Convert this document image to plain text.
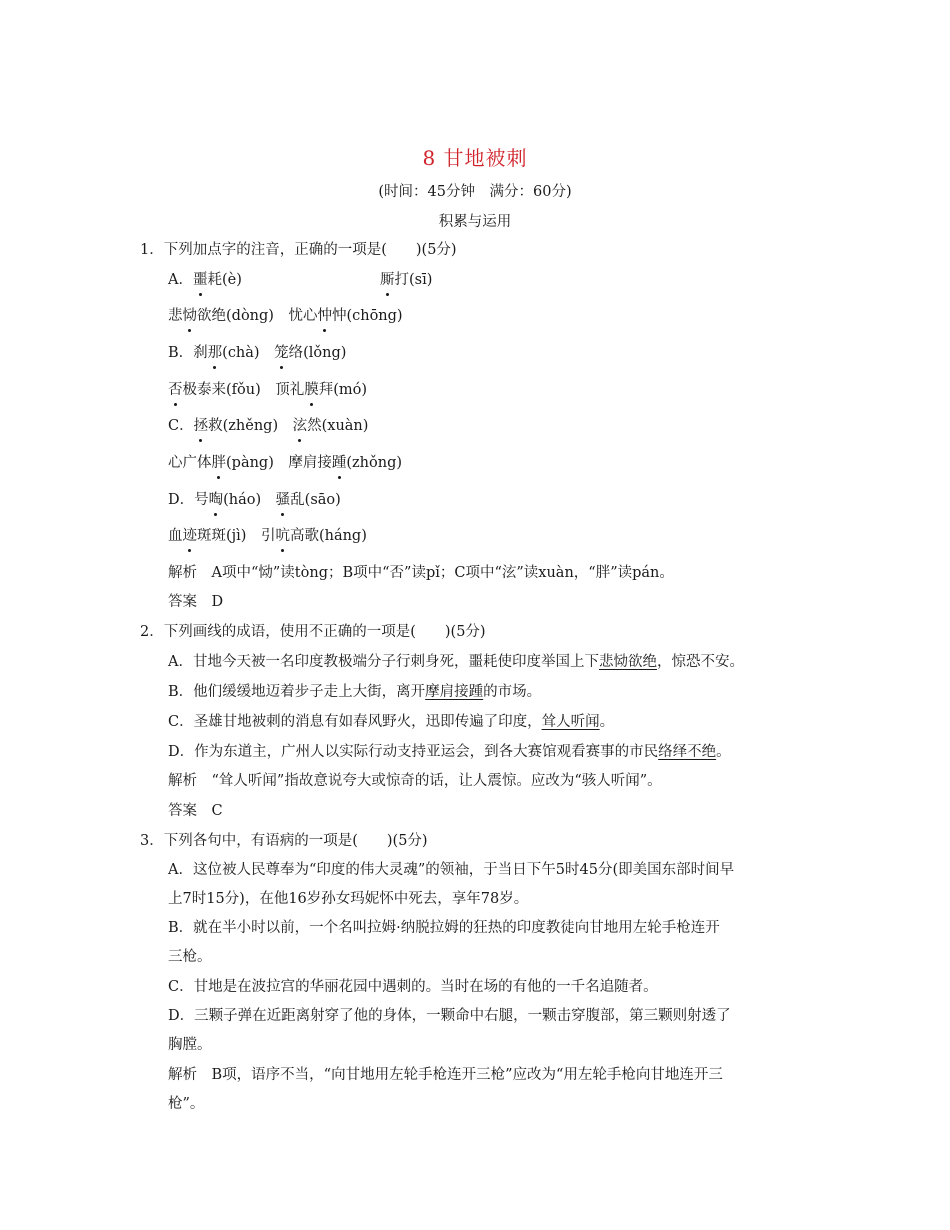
8 甘地被刺
(时间：45分钟　满分：60分)
积累与运用
1．下列加点字的注音，正确的一项是(　　)(5分)
A．噩耗(è)	厮打(sī)
悲恸欲绝(dòng)　 忧心忡忡(chōng)
B．刹那(chà)　 笼络(lǒng)
否极泰来(fǒu)　 顶礼膜拜(mó)
C．拯救(zhěng)　 泫然(xuàn)
心广体胖(pàng)　 摩肩接踵(zhǒng)
D．号啕(háo)　 骚乱(sāo)
血迹斑斑(jì)　 引吭高歌(háng)
解析　A项中“恸”读tòng；B项中“否”读pǐ；C项中“泫”读xuàn，“胖”读pán。
答案　D
2．下列画线的成语，使用不正确的一项是(　　)(5分)
A．甘地今天被一名印度教极端分子行刺身死，噩耗使印度举国上下悲恸欲绝，惊恐不安。
B．他们缓缓地迈着步子走上大街，离开摩肩接踵的市场。
C．圣雄甘地被刺的消息有如春风野火，迅即传遍了印度，耸人听闻。
D．作为东道主，广州人以实际行动支持亚运会，到各大赛馆观看赛事的市民络绎不绝。
解析　“耸人听闻”指故意说夸大或惊奇的话，让人震惊。应改为“骇人听闻”。
答案　C
3．下列各句中，有语病的一项是(　　)(5分)
A．这位被人民尊奉为“印度的伟大灵魂”的领袖，于当日下午5时45分(即美国东部时间早
上7时15分)，在他16岁孙女玛妮怀中死去，享年78岁。
B．就在半小时以前，一个名叫拉姆·纳脱拉姆的狂热的印度教徒向甘地用左轮手枪连开
三枪。
C．甘地是在波拉宫的华丽花园中遇刺的。当时在场的有他的一千名追随者。
D．三颗子弹在近距离射穿了他的身体，一颗命中右腿，一颗击穿腹部，第三颗则射透了
胸膛。
解析　B项，语序不当，“向甘地用左轮手枪连开三枪”应改为“用左轮手枪向甘地连开三
枪”。
